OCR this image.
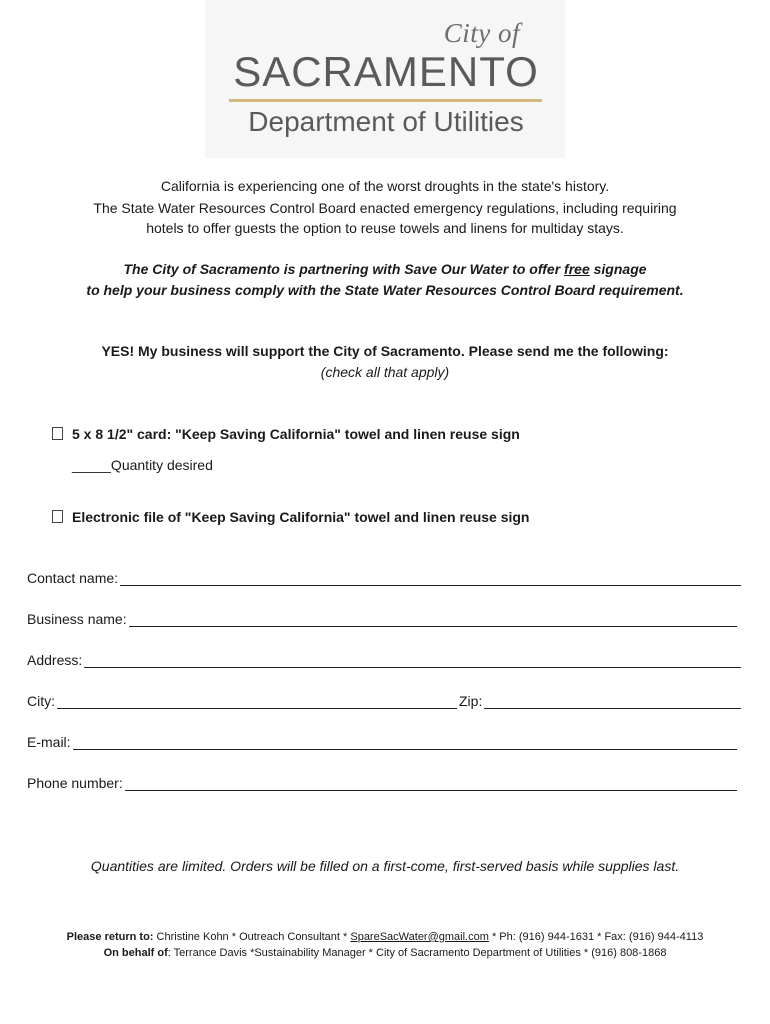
City of
SACRAMENTO
Department of Utilities
California is experiencing one of the worst droughts in the state's history.
The State Water Resources Control Board enacted emergency regulations, including requiring
hotels to offer guests the option to reuse towels and linens for multiday stays.
The City of Sacramento is partnering with Save Our Water to offer free signage
to help your business comply with the State Water Resources Control Board requirement.
YES! My business will support the City of Sacramento. Please send me the following:
(check all that apply)
5 x 8 1/2" card: "Keep Saving California" towel and linen reuse sign
_____Quantity desired
Electronic file of "Keep Saving California" towel and linen reuse sign
Contact name:
Business name:
Address:
City:	Zip:
E-mail:
Phone number:
Quantities are limited. Orders will be filled on a first-come, first-served basis while supplies last.
Please return to: Christine Kohn * Outreach Consultant * SpareSacWater@gmail.com * Ph: (916) 944-1631 * Fax: (916) 944-4113
On behalf of: Terrance Davis *Sustainability Manager * City of Sacramento Department of Utilities * (916) 808-1868
